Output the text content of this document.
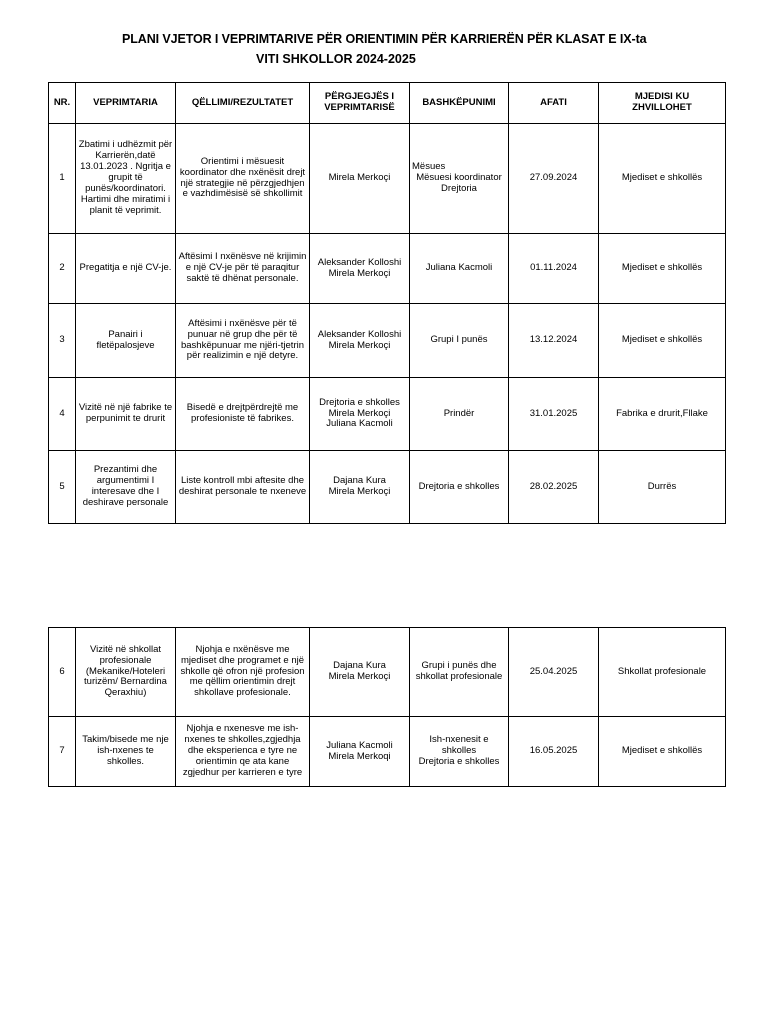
PLANI VJETOR I VEPRIMTARIVE PËR ORIENTIMIN PËR KARRIERËN PËR KLASAT E IX-ta
VITI SHKOLLOR 2024-2025
NR.	VEPRIMTARIA	QËLLIMI/REZULTATET	PËRGJEGJËS I
VEPRIMTARISË	BASHKËPUNIMI	AFATI	MJEDISI KU
ZHVILLOHET

1	Zbatimi i udhëzmit për Karrierën,datë 13.01.2023 . Ngritja e grupit të punës/koordinatori. Hartimi dhe miratimi i planit të veprimit.	Orientimi i mësuesit koordinator dhe nxënësit drejt një strategjie në përzgjedhjen e vazhdimësisë së shkollimit	Mirela Merkoçi	Mësues
Mësuesi koordinator
Drejtoria	27.09.2024	Mjediset e shkollës
2	Pregatitja e një CV-je.	Aftësimi I nxënësve në krijimin e një CV-je për të paraqitur saktë të dhënat personale.	Aleksander Kolloshi
Mirela Merkoçi	Juliana Kacmoli	01.11.2024	Mjediset e shkollës
3	Panairi i fletëpalosjeve	Aftësimi i nxënësve për të punuar në grup dhe për të bashkëpunuar me njëri-tjetrin për realizimin e një detyre.	Aleksander Kolloshi
Mirela Merkoçi	Grupi I punës	13.12.2024	Mjediset e shkollës
4	Vizitë në një fabrike te perpunimit te drurit	Bisedë e drejtpërdrejtë me profesioniste të fabrikes.	Drejtoria e shkolles
Mirela Merkoçi
Juliana Kacmoli	Prindër	31.01.2025	Fabrika e drurit,Fllake
5	Prezantimi dhe argumentimi I interesave dhe I deshirave personale	Liste kontroll mbi aftesite dhe deshirat personale te nxeneve	Dajana Kura
Mirela Merkoçi	Drejtoria e shkolles	28.02.2025	Durrës
6	Vizitë në shkollat profesionale (Mekanike/Hoteleri turizëm/ Bernardina Qeraxhiu)	Njohja e nxënësve me mjediset dhe programet e një shkolle që ofron një profesion me qëllim orientimin drejt shkollave profesionale.	Dajana Kura
Mirela Merkoçi	Grupi i punës dhe
shkollat profesionale	25.04.2025	Shkollat profesionale
7	Takim/bisede me nje ish-nxenes te shkolles.	Njohja e nxenesve me ish-nxenes te shkolles,zgjedhja dhe eksperienca e tyre ne orientimin qe ata kane zgjedhur per karrieren e tyre	Juliana Kacmoli Mirela Merkoqi	Ish-nxenesit e shkolles
Drejtoria e shkolles	16.05.2025	Mjediset e shkollës
